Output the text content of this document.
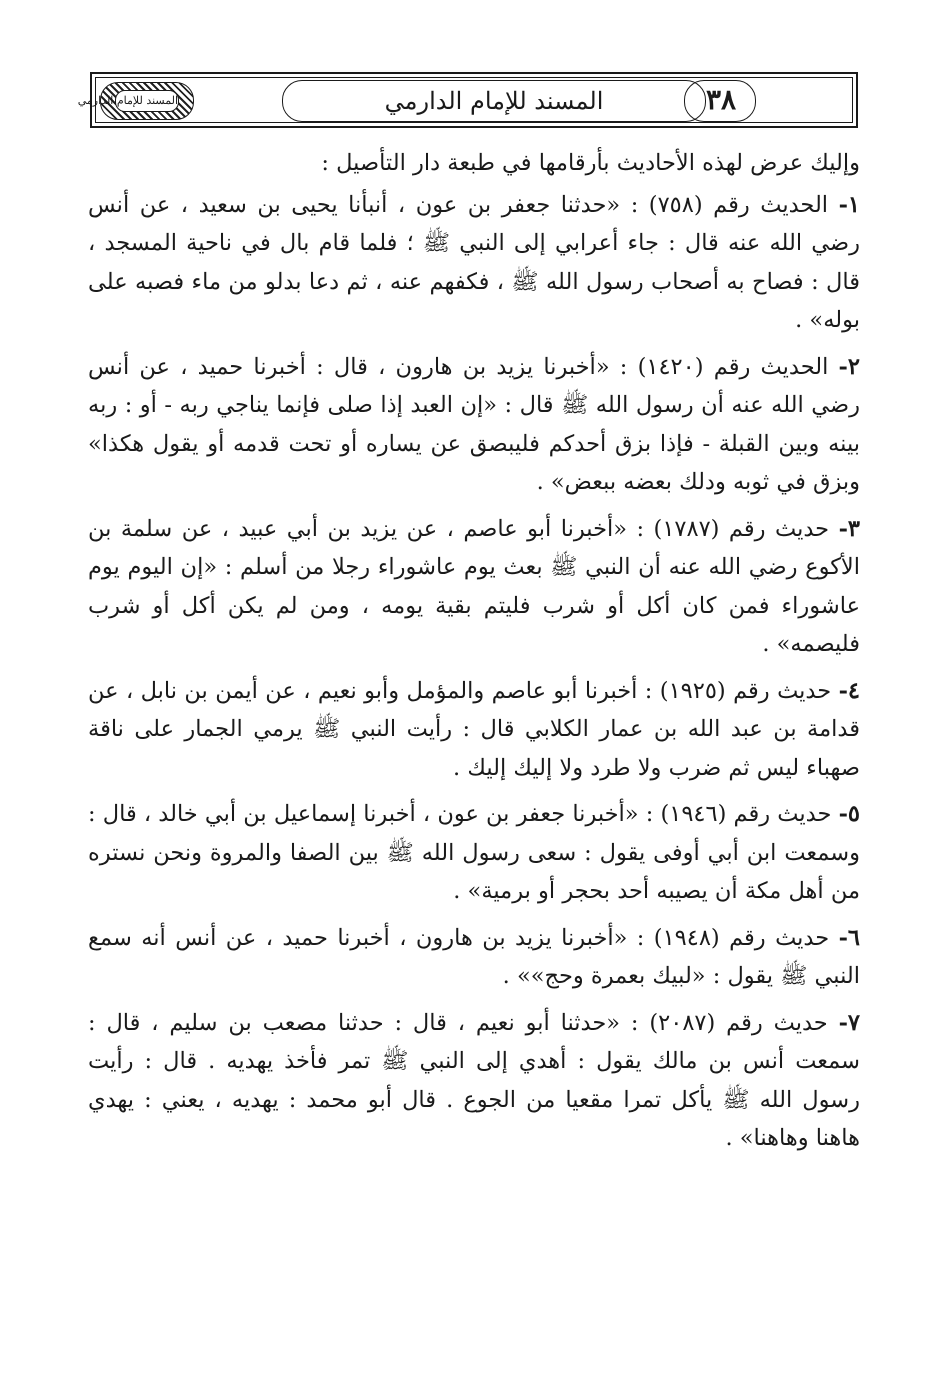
المسند للإمام الدارمي	المسند للإمام الدارمي	٣٨

وإليك عرض لهذه الأحاديث بأرقامها في طبعة دار التأصيل :

١- الحديث رقم (٧٥٨) : «حدثنا جعفر بن عون ، أنبأنا يحيى بن سعيد ، عن أنس رضي الله عنه قال : جاء أعرابي إلى النبي ﷺ ؛ فلما قام بال في ناحية المسجد ، قال : فصاح به أصحاب رسول الله ﷺ ، فكفهم عنه ، ثم دعا بدلو من ماء فصبه على بوله» .

٢- الحديث رقم (١٤٢٠) : «أخبرنا يزيد بن هارون ، قال : أخبرنا حميد ، عن أنس رضي الله عنه أن رسول الله ﷺ قال : «إن العبد إذا صلى فإنما يناجي ربه - أو : ربه بينه وبين القبلة - فإذا بزق أحدكم فليبصق عن يساره أو تحت قدمه أو يقول هكذا» وبزق في ثوبه ودلك بعضه ببعض» .

٣- حديث رقم (١٧٨٧) : «أخبرنا أبو عاصم ، عن يزيد بن أبي عبيد ، عن سلمة بن الأكوع رضي الله عنه أن النبي ﷺ بعث يوم عاشوراء رجلا من أسلم : «إن اليوم يوم عاشوراء فمن كان أكل أو شرب فليتم بقية يومه ، ومن لم يكن أكل أو شرب فليصمه» .

٤- حديث رقم (١٩٢٥) : أخبرنا أبو عاصم والمؤمل وأبو نعيم ، عن أيمن بن نابل ، عن قدامة بن عبد الله بن عمار الكلابي قال : رأيت النبي ﷺ يرمي الجمار على ناقة صهباء ليس ثم ضرب ولا طرد ولا إليك إليك .

٥- حديث رقم (١٩٤٦) : «أخبرنا جعفر بن عون ، أخبرنا إسماعيل بن أبي خالد ، قال : وسمعت ابن أبي أوفى يقول : سعى رسول الله ﷺ بين الصفا والمروة ونحن نستره من أهل مكة أن يصيبه أحد بحجر أو برمية» .

٦- حديث رقم (١٩٤٨) : «أخبرنا يزيد بن هارون ، أخبرنا حميد ، عن أنس أنه سمع النبي ﷺ يقول : «لبيك بعمرة وحج»» .

٧- حديث رقم (٢٠٨٧) : «حدثنا أبو نعيم ، قال : حدثنا مصعب بن سليم ، قال : سمعت أنس بن مالك يقول : أهدي إلى النبي ﷺ تمر فأخذ يهديه . قال : رأيت رسول الله ﷺ يأكل تمرا مقعيا من الجوع . قال أبو محمد : يهديه ، يعني : يهدي هاهنا وهاهنا» .
